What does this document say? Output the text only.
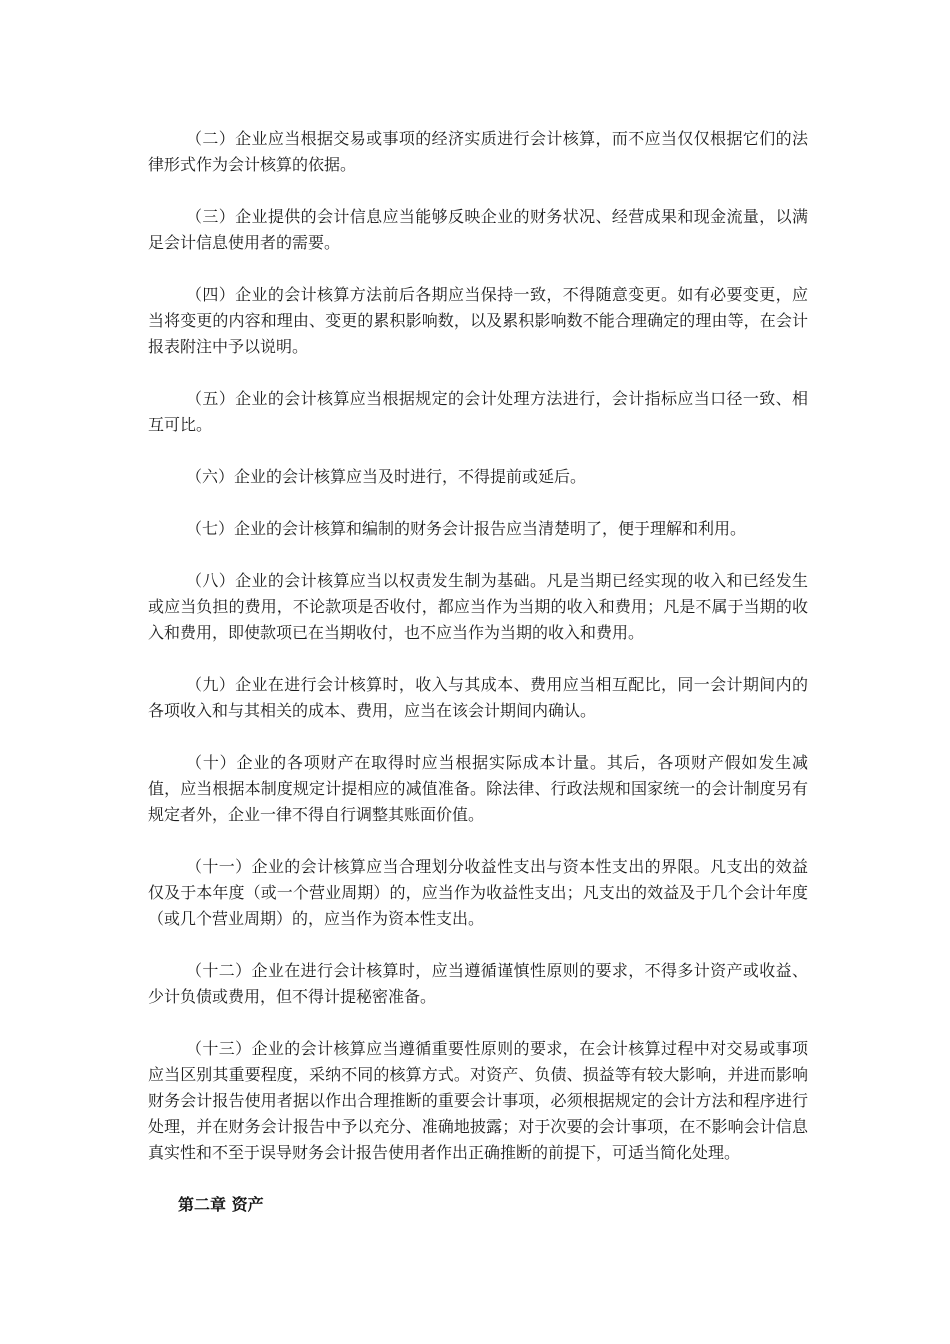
（二）企业应当根据交易或事项的经济实质进行会计核算，而不应当仅仅根据它们的法律形式作为会计核算的依据。

（三）企业提供的会计信息应当能够反映企业的财务状况、经营成果和现金流量，以满足会计信息使用者的需要。

（四）企业的会计核算方法前后各期应当保持一致，不得随意变更。如有必要变更，应当将变更的内容和理由、变更的累积影响数，以及累积影响数不能合理确定的理由等，在会计报表附注中予以说明。

（五）企业的会计核算应当根据规定的会计处理方法进行，会计指标应当口径一致、相互可比。

（六）企业的会计核算应当及时进行，不得提前或延后。

（七）企业的会计核算和编制的财务会计报告应当清楚明了，便于理解和利用。

（八）企业的会计核算应当以权责发生制为基础。凡是当期已经实现的收入和已经发生或应当负担的费用，不论款项是否收付，都应当作为当期的收入和费用；凡是不属于当期的收入和费用，即使款项已在当期收付，也不应当作为当期的收入和费用。

（九）企业在进行会计核算时，收入与其成本、费用应当相互配比，同一会计期间内的各项收入和与其相关的成本、费用，应当在该会计期间内确认。

（十）企业的各项财产在取得时应当根据实际成本计量。其后，各项财产假如发生减值，应当根据本制度规定计提相应的减值准备。除法律、行政法规和国家统一的会计制度另有规定者外，企业一律不得自行调整其账面价值。

（十一）企业的会计核算应当合理划分收益性支出与资本性支出的界限。凡支出的效益仅及于本年度（或一个营业周期）的，应当作为收益性支出；凡支出的效益及于几个会计年度（或几个营业周期）的，应当作为资本性支出。

（十二）企业在进行会计核算时，应当遵循谨慎性原则的要求，不得多计资产或收益、少计负债或费用，但不得计提秘密准备。

（十三）企业的会计核算应当遵循重要性原则的要求，在会计核算过程中对交易或事项应当区别其重要程度，采纳不同的核算方式。对资产、负债、损益等有较大影响，并进而影响财务会计报告使用者据以作出合理推断的重要会计事项，必须根据规定的会计方法和程序进行处理，并在财务会计报告中予以充分、准确地披露；对于次要的会计事项，在不影响会计信息真实性和不至于误导财务会计报告使用者作出正确推断的前提下，可适当简化处理。

第二章 资产
